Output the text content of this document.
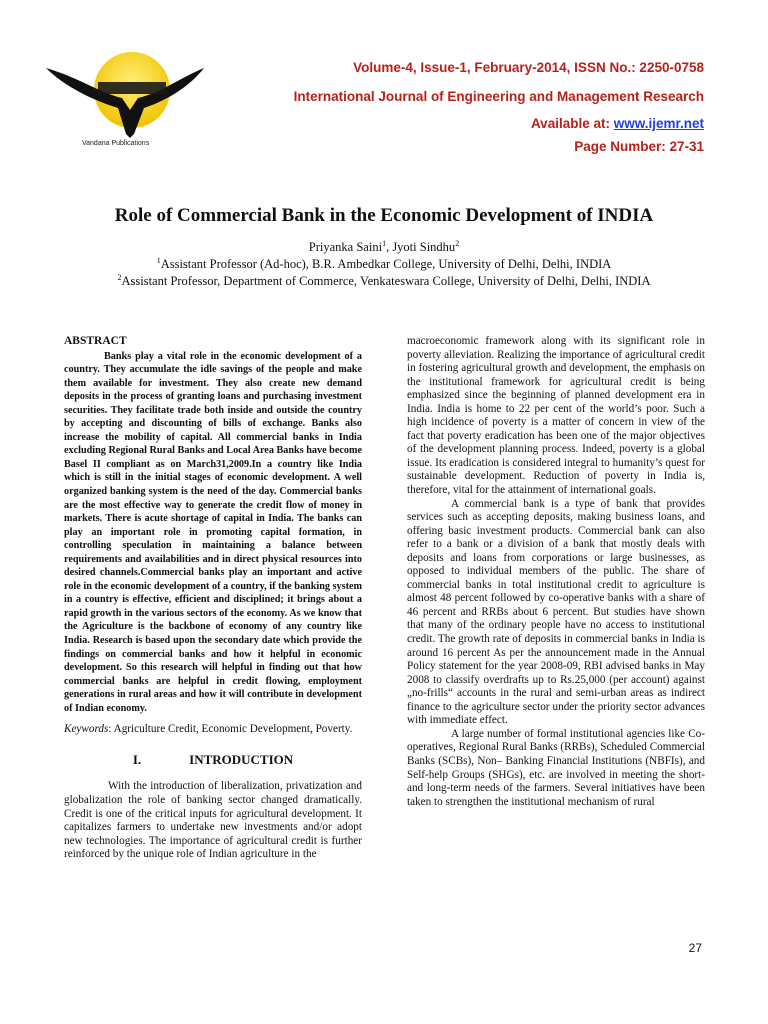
Vandana Publications
Volume-4, Issue-1, February-2014, ISSN No.: 2250-0758
International Journal of Engineering and Management Research
Available at: www.ijemr.net
Page Number: 27-31
Role of Commercial Bank in the Economic Development of INDIA
Priyanka Saini$^1$, Jyoti Sindhu$^2$
$^1$Assistant Professor (Ad-hoc), B.R. Ambedkar College, University of Delhi, Delhi, INDIA
$^2$Assistant Professor, Department of Commerce, Venkateswara College, University of Delhi, Delhi, INDIA
ABSTRACT

Banks play a vital role in the economic development of a country. They accumulate the idle savings of the people and make them available for investment. They also create new demand deposits in the process of granting loans and purchasing investment securities. They facilitate trade both inside and outside the country by accepting and discounting of bills of exchange. Banks also increase the mobility of capital. All commercial banks in India excluding Regional Rural Banks and Local Area Banks have become Basel II compliant as on March31,2009.In a country like India which is still in the initial stages of economic development. A well organized banking system is the need of the day. Commercial banks are the most effective way to generate the credit flow of money in markets. There is acute shortage of capital in India. The banks can play an important role in promoting capital formation, in controlling speculation in maintaining a balance between requirements and availabilities and in direct physical resources into desired channels.Commercial banks play an important and active role in the economic development of a country, if the banking system in a country is effective, efficient and disciplined; it brings about a rapid growth in the various sectors of the economy. As we know that the Agriculture is the backbone of economy of any country like India. Research is based upon the secondary date which provide the findings on commercial banks and how it helpful in economic development. So this research will helpful in finding out that how commercial banks are helpful in credit flowing, employment generations in rural areas and how it will contribute in development of Indian economy.

Keywords: Agriculture Credit, Economic Development, Poverty.

I.	INTRODUCTION

With the introduction of liberalization, privatization and globalization the role of banking sector changed dramatically. Credit is one of the critical inputs for agricultural development. It capitalizes farmers to undertake new investments and/or adopt new technologies. The importance of agricultural credit is further reinforced by the unique role of Indian agriculture in the

macroeconomic framework along with its significant role in poverty alleviation. Realizing the importance of agricultural credit in fostering agricultural growth and development, the emphasis on the institutional framework for agricultural credit is being emphasized since the beginning of planned development era in India. India is home to 22 per cent of the world’s poor. Such a high incidence of poverty is a matter of concern in view of the fact that poverty eradication has been one of the major objectives of the development planning process. Indeed, poverty is a global issue. Its eradication is considered integral to humanity’s quest for sustainable development. Reduction of poverty in India is, therefore, vital for the attainment of international goals.

A commercial bank is a type of bank that provides services such as accepting deposits, making business loans, and offering basic investment products. Commercial bank can also refer to a bank or a division of a bank that mostly deals with deposits and loans from corporations or large businesses, as opposed to individual members of the public. The share of commercial banks in total institutional credit to agriculture is almost 48 percent followed by co-operative banks with a share of 46 percent and RRBs about 6 percent. But studies have shown that many of the ordinary people have no access to institutional credit. The growth rate of deposits in commercial banks in India is around 16 percent As per the announcement made in the Annual Policy statement for the year 2008-09, RBI advised banks in May 2008 to classify overdrafts up to Rs.25,000 (per account) against „no-frills“ accounts in the rural and semi-urban areas as indirect finance to the agriculture sector under the priority sector advances with immediate effect.

A large number of formal institutional agencies like Co-operatives, Regional Rural Banks (RRBs), Scheduled Commercial Banks (SCBs), Non– Banking Financial Institutions (NBFIs), and Self-help Groups (SHGs), etc. are involved in meeting the short- and long-term needs of the farmers. Several initiatives have been taken to strengthen the institutional mechanism of rural

27
